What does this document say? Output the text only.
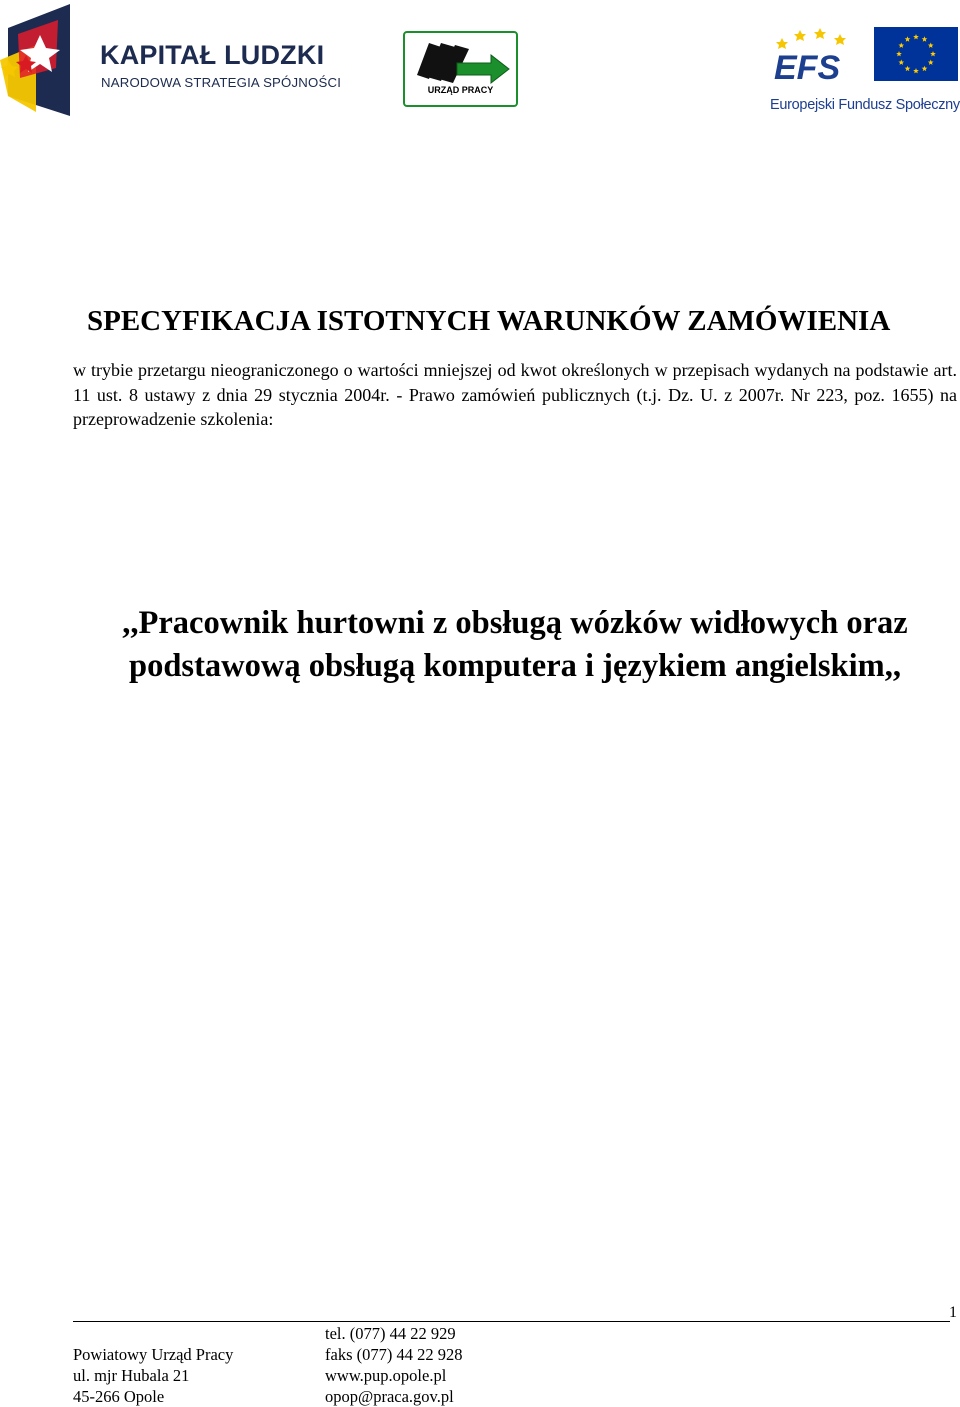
KAPITAŁ LUDZKI
NARODOWA STRATEGIA SPÓJNOŚCI	URZĄD PRACY
EFS
Europejski Fundusz Społeczny
SPECYFIKACJA ISTOTNYCH WARUNKÓW ZAMÓWIENIA
w trybie przetargu nieograniczonego o wartości mniejszej od kwot określonych w przepisach wydanych na podstawie art. 11 ust. 8 ustawy z dnia 29 stycznia 2004r. - Prawo zamówień publicznych (t.j. Dz. U. z 2007r. Nr 223, poz. 1655) na przeprowadzenie szkolenia:
,,Pracownik hurtowni z obsługą wózków widłowych oraz podstawową obsługą komputera i językiem angielskim,,
1
Powiatowy Urząd Pracy
ul. mjr Hubala 21
45-266 Opole
tel. (077) 44 22 929
faks (077) 44 22 928
www.pup.opole.pl
opop@praca.gov.pl
